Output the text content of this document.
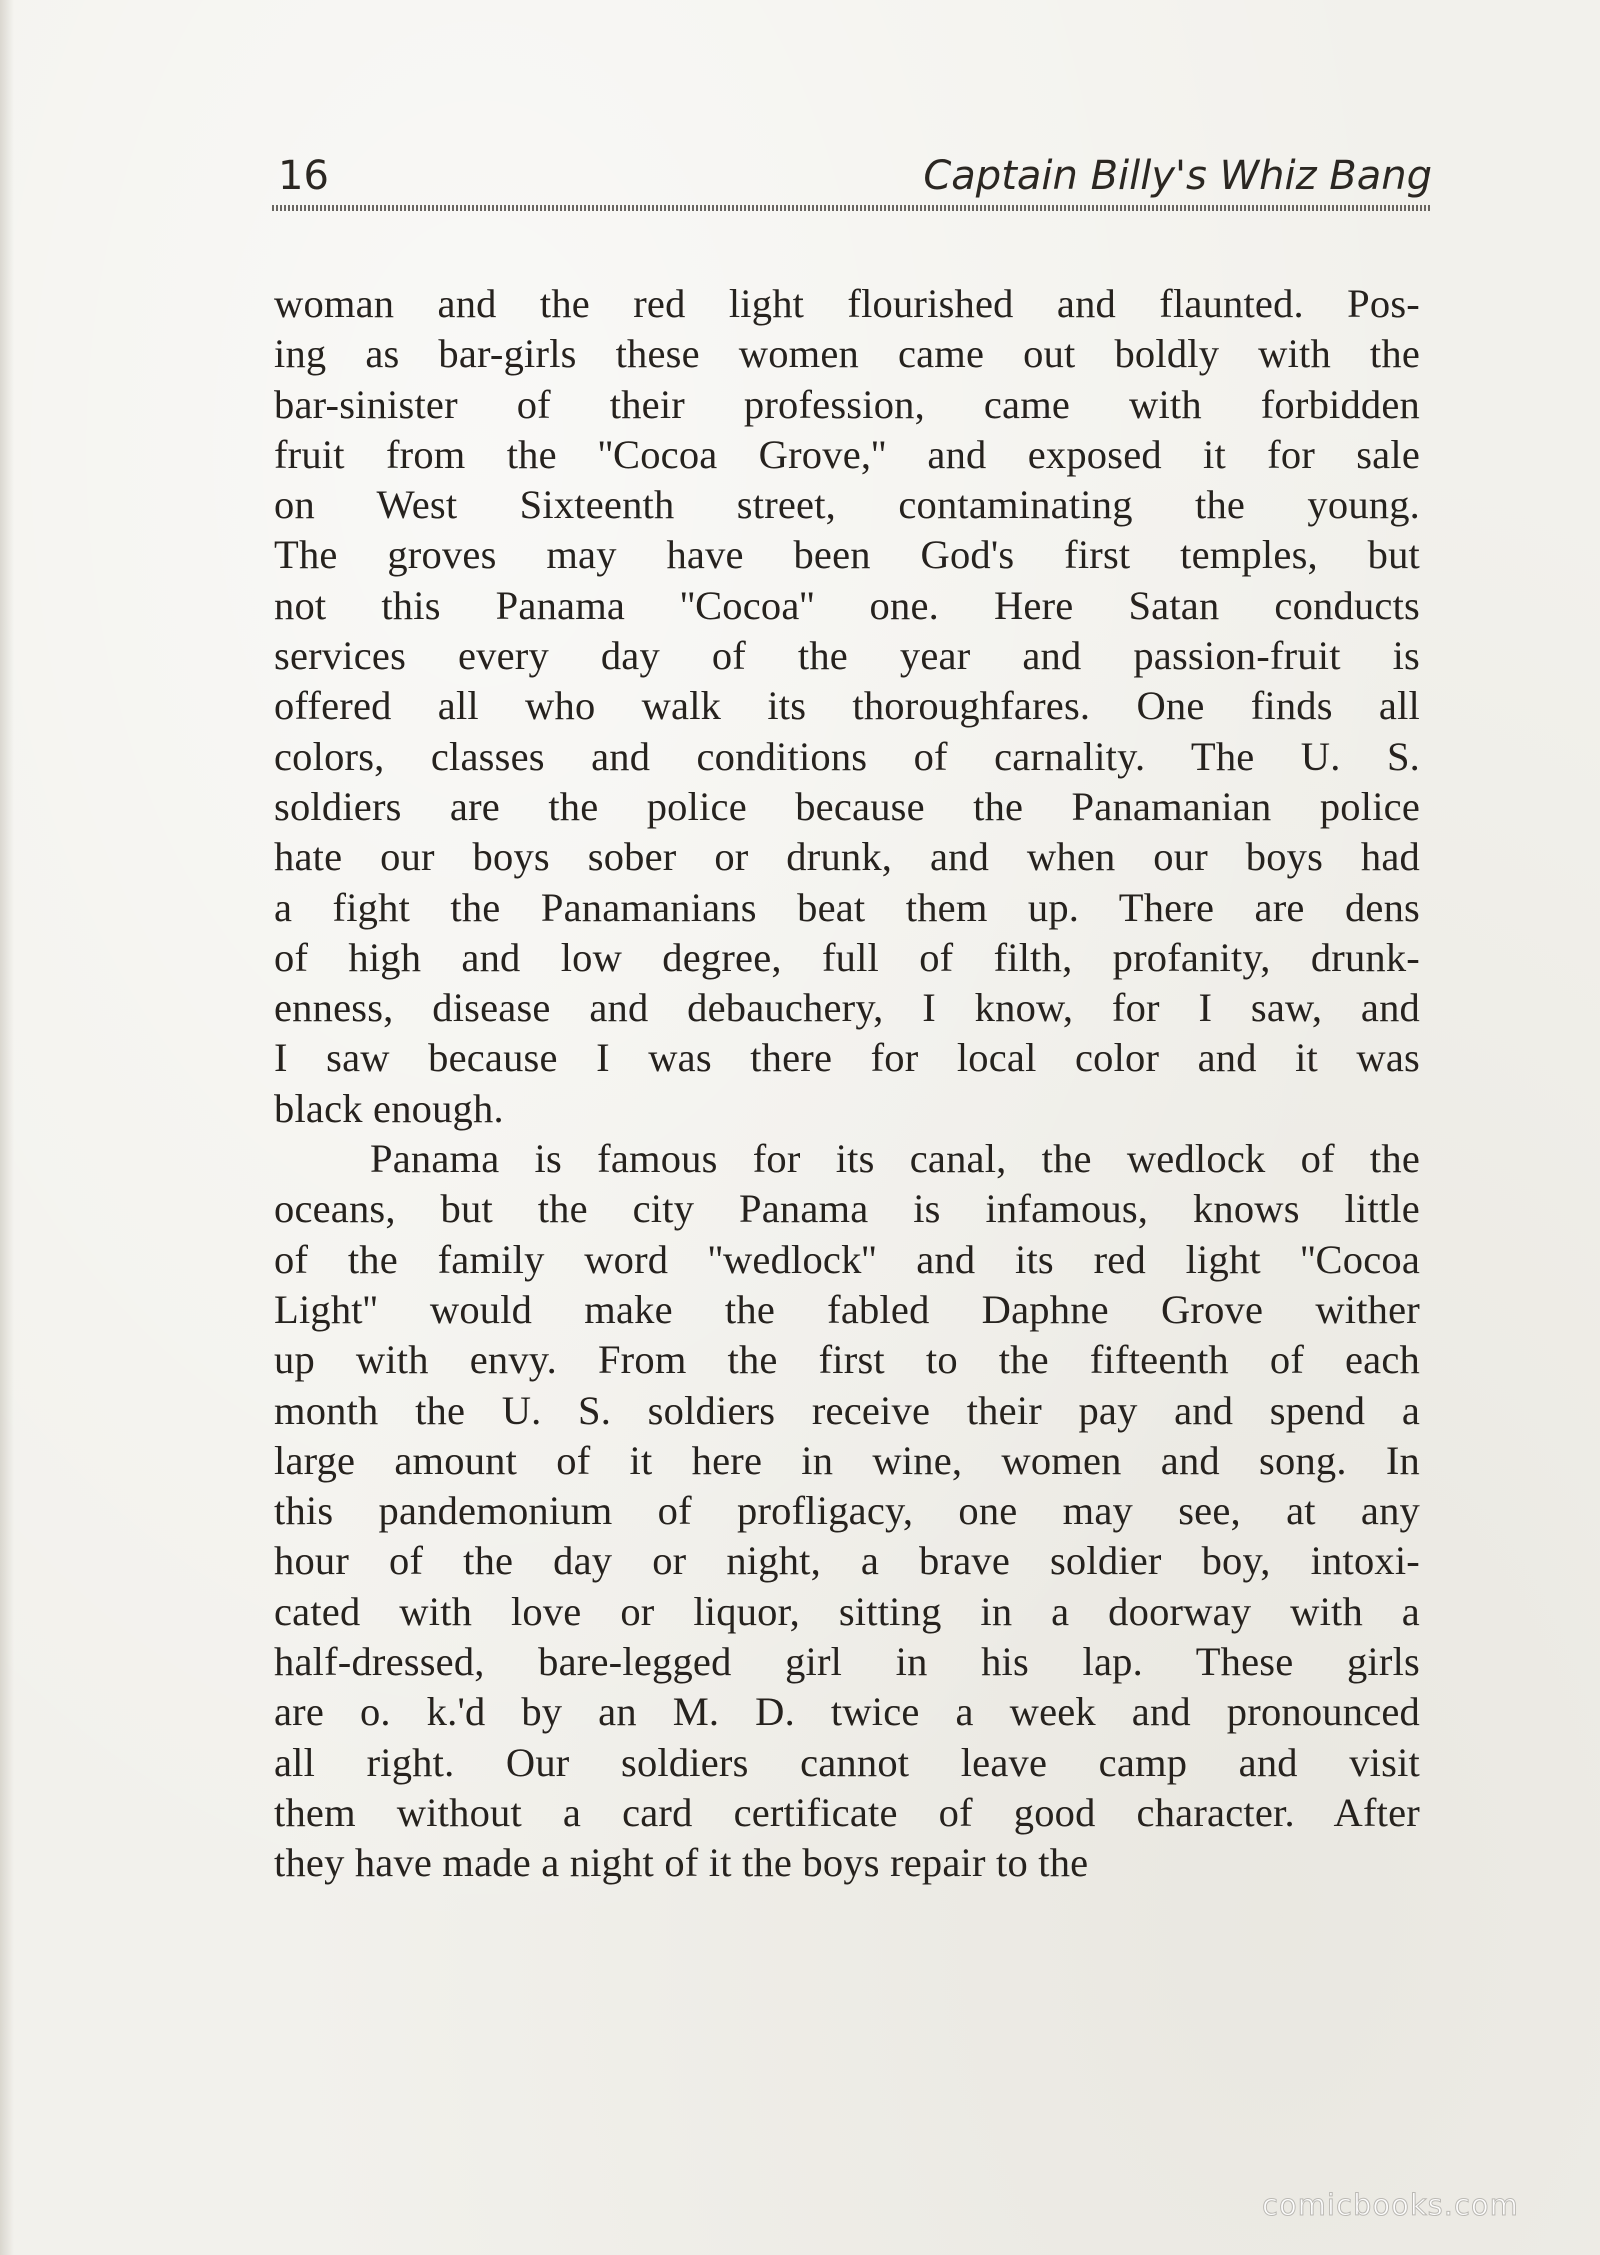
16	Captain Billy's Whiz Bang
woman and the red light flourished and flaunted. Pos-
ing as bar-girls these women came out boldly with the
bar-sinister of their profession, came with forbidden
fruit from the ''Cocoa Grove,'' and exposed it for sale
on West Sixteenth street, contaminating the young.
The groves may have been God's first temples, but
not this Panama ''Cocoa'' one. Here Satan conducts
services every day of the year and passion-fruit is
offered all who walk its thoroughfares. One finds all
colors, classes and conditions of carnality. The U. S.
soldiers are the police because the Panamanian police
hate our boys sober or drunk, and when our boys had
a fight the Panamanians beat them up. There are dens
of high and low degree, full of filth, profanity, drunk-
enness, disease and debauchery, I know, for I saw, and
I saw because I was there for local color and it was
black enough.
Panama is famous for its canal, the wedlock of the
oceans, but the city Panama is infamous, knows little
of the family word ''wedlock'' and its red light ''Cocoa
Light'' would make the fabled Daphne Grove wither
up with envy. From the first to the fifteenth of each
month the U. S. soldiers receive their pay and spend a
large amount of it here in wine, women and song. In
this pandemonium of profligacy, one may see, at any
hour of the day or night, a brave soldier boy, intoxi-
cated with love or liquor, sitting in a doorway with a
half-dressed, bare-legged girl in his lap. These girls
are o. k.'d by an M. D. twice a week and pronounced
all right. Our soldiers cannot leave camp and visit
them without a card certificate of good character. After
they have made a night of it the boys repair to the
comicbooks.com
